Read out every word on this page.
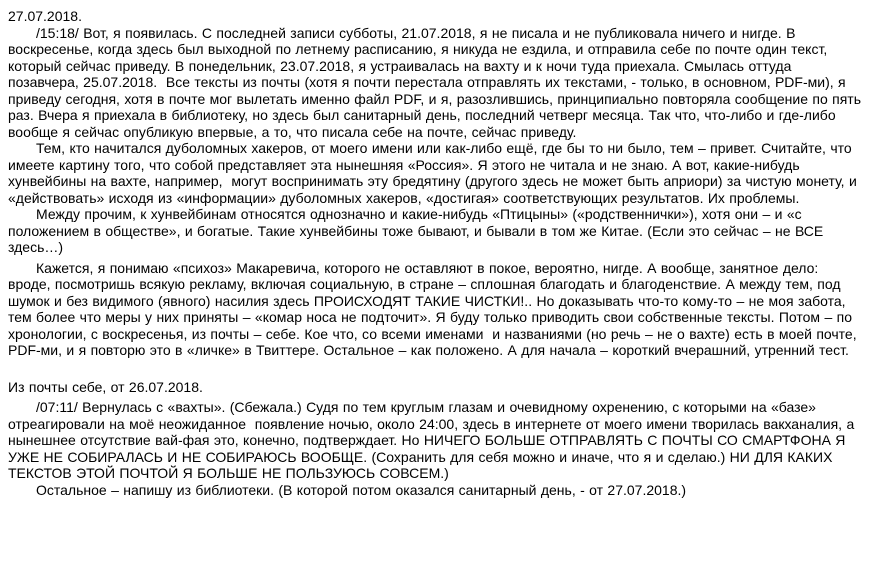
27.07.2018.

/15:18/ Вот, я появилась. С последней записи субботы, 21.07.2018, я не писала и не публиковала ничего и нигде. В воскресенье, когда здесь был выходной по летнему расписанию, я никуда не ездила, и отправила себе по почте один текст, который сейчас приведу. В понедельник, 23.07.2018, я устраивалась на вахту и к ночи туда приехала. Смылась оттуда позавчера, 25.07.2018.  Все тексты из почты (хотя я почти перестала отправлять их текстами, - только, в основном, PDF-ми), я приведу сегодня, хотя в почте мог вылетать именно файл PDF, и я, разозлившись, принципиально повторяла сообщение по пять раз. Вчера я приехала в библиотеку, но здесь был санитарный день, последний четверг месяца. Так что, что-либо и где-либо вообще я сейчас опубликую впервые, а то, что писала себе на почте, сейчас приведу.

Тем, кто начитался дуболомных хакеров, от моего имени или как-либо ещё, где бы то ни было, тем – привет. Считайте, что имеете картину того, что собой представляет эта нынешняя «Россия». Я этого не читала и не знаю. А вот, какие-нибудь хунвейбины на вахте, например,  могут воспринимать эту бредятину (другого здесь не может быть априори) за чистую монету, и «действовать» исходя из «информации» дуболомных хакеров, «достигая» соответствующих результатов. Их проблемы.

Между прочим, к хунвейбинам относятся однозначно и какие-нибудь «Птицыны» («родственнички»), хотя они – и «с положением в обществе», и богатые. Такие хунвейбины тоже бывают, и бывали в том же Китае. (Если это сейчас – не ВСЕ здесь…)

Кажется, я понимаю «психоз» Макаревича, которого не оставляют в покое, вероятно, нигде. А вообще, занятное дело: вроде, посмотришь всякую рекламу, включая социальную, в стране – сплошная благодать и благоденствие. А между тем, под шумок и без видимого (явного) насилия здесь ПРОИСХОДЯТ ТАКИЕ ЧИСТКИ!.. Но доказывать что-то кому-то – не моя забота, тем более что меры у них приняты – «комар носа не подточит». Я буду только приводить свои собственные тексты. Потом – по хронологии, с воскресенья, из почты – себе. Кое что, со всеми именами  и названиями (но речь – не о вахте) есть в моей почте, PDF-ми, и я повторю это в «личке» в Твиттере. Остальное – как положено. А для начала – короткий вчерашний, утренний тест.

Из почты себе, от 26.07.2018.

/07:11/ Вернулась с «вахты». (Сбежала.) Судя по тем круглым глазам и очевидному охренению, с которыми на «базе» отреагировали на моё неожиданное  появление ночью, около 24:00, здесь в интернете от моего имени творилась вакханалия, а нынешнее отсутствие вай-фая это, конечно, подтверждает. Но НИЧЕГО БОЛЬШЕ ОТПРАВЛЯТЬ С ПОЧТЫ СО СМАРТФОНА Я УЖЕ НЕ СОБИРАЛАСЬ И НЕ СОБИРАЮСЬ ВООБЩЕ. (Сохранить для себя можно и иначе, что я и сделаю.) НИ ДЛЯ КАКИХ ТЕКСТОВ ЭТОЙ ПОЧТОЙ Я БОЛЬШЕ НЕ ПОЛЬЗУЮСЬ СОВСЕМ.)

Остальное – напишу из библиотеки. (В которой потом оказался санитарный день, - от 27.07.2018.)
